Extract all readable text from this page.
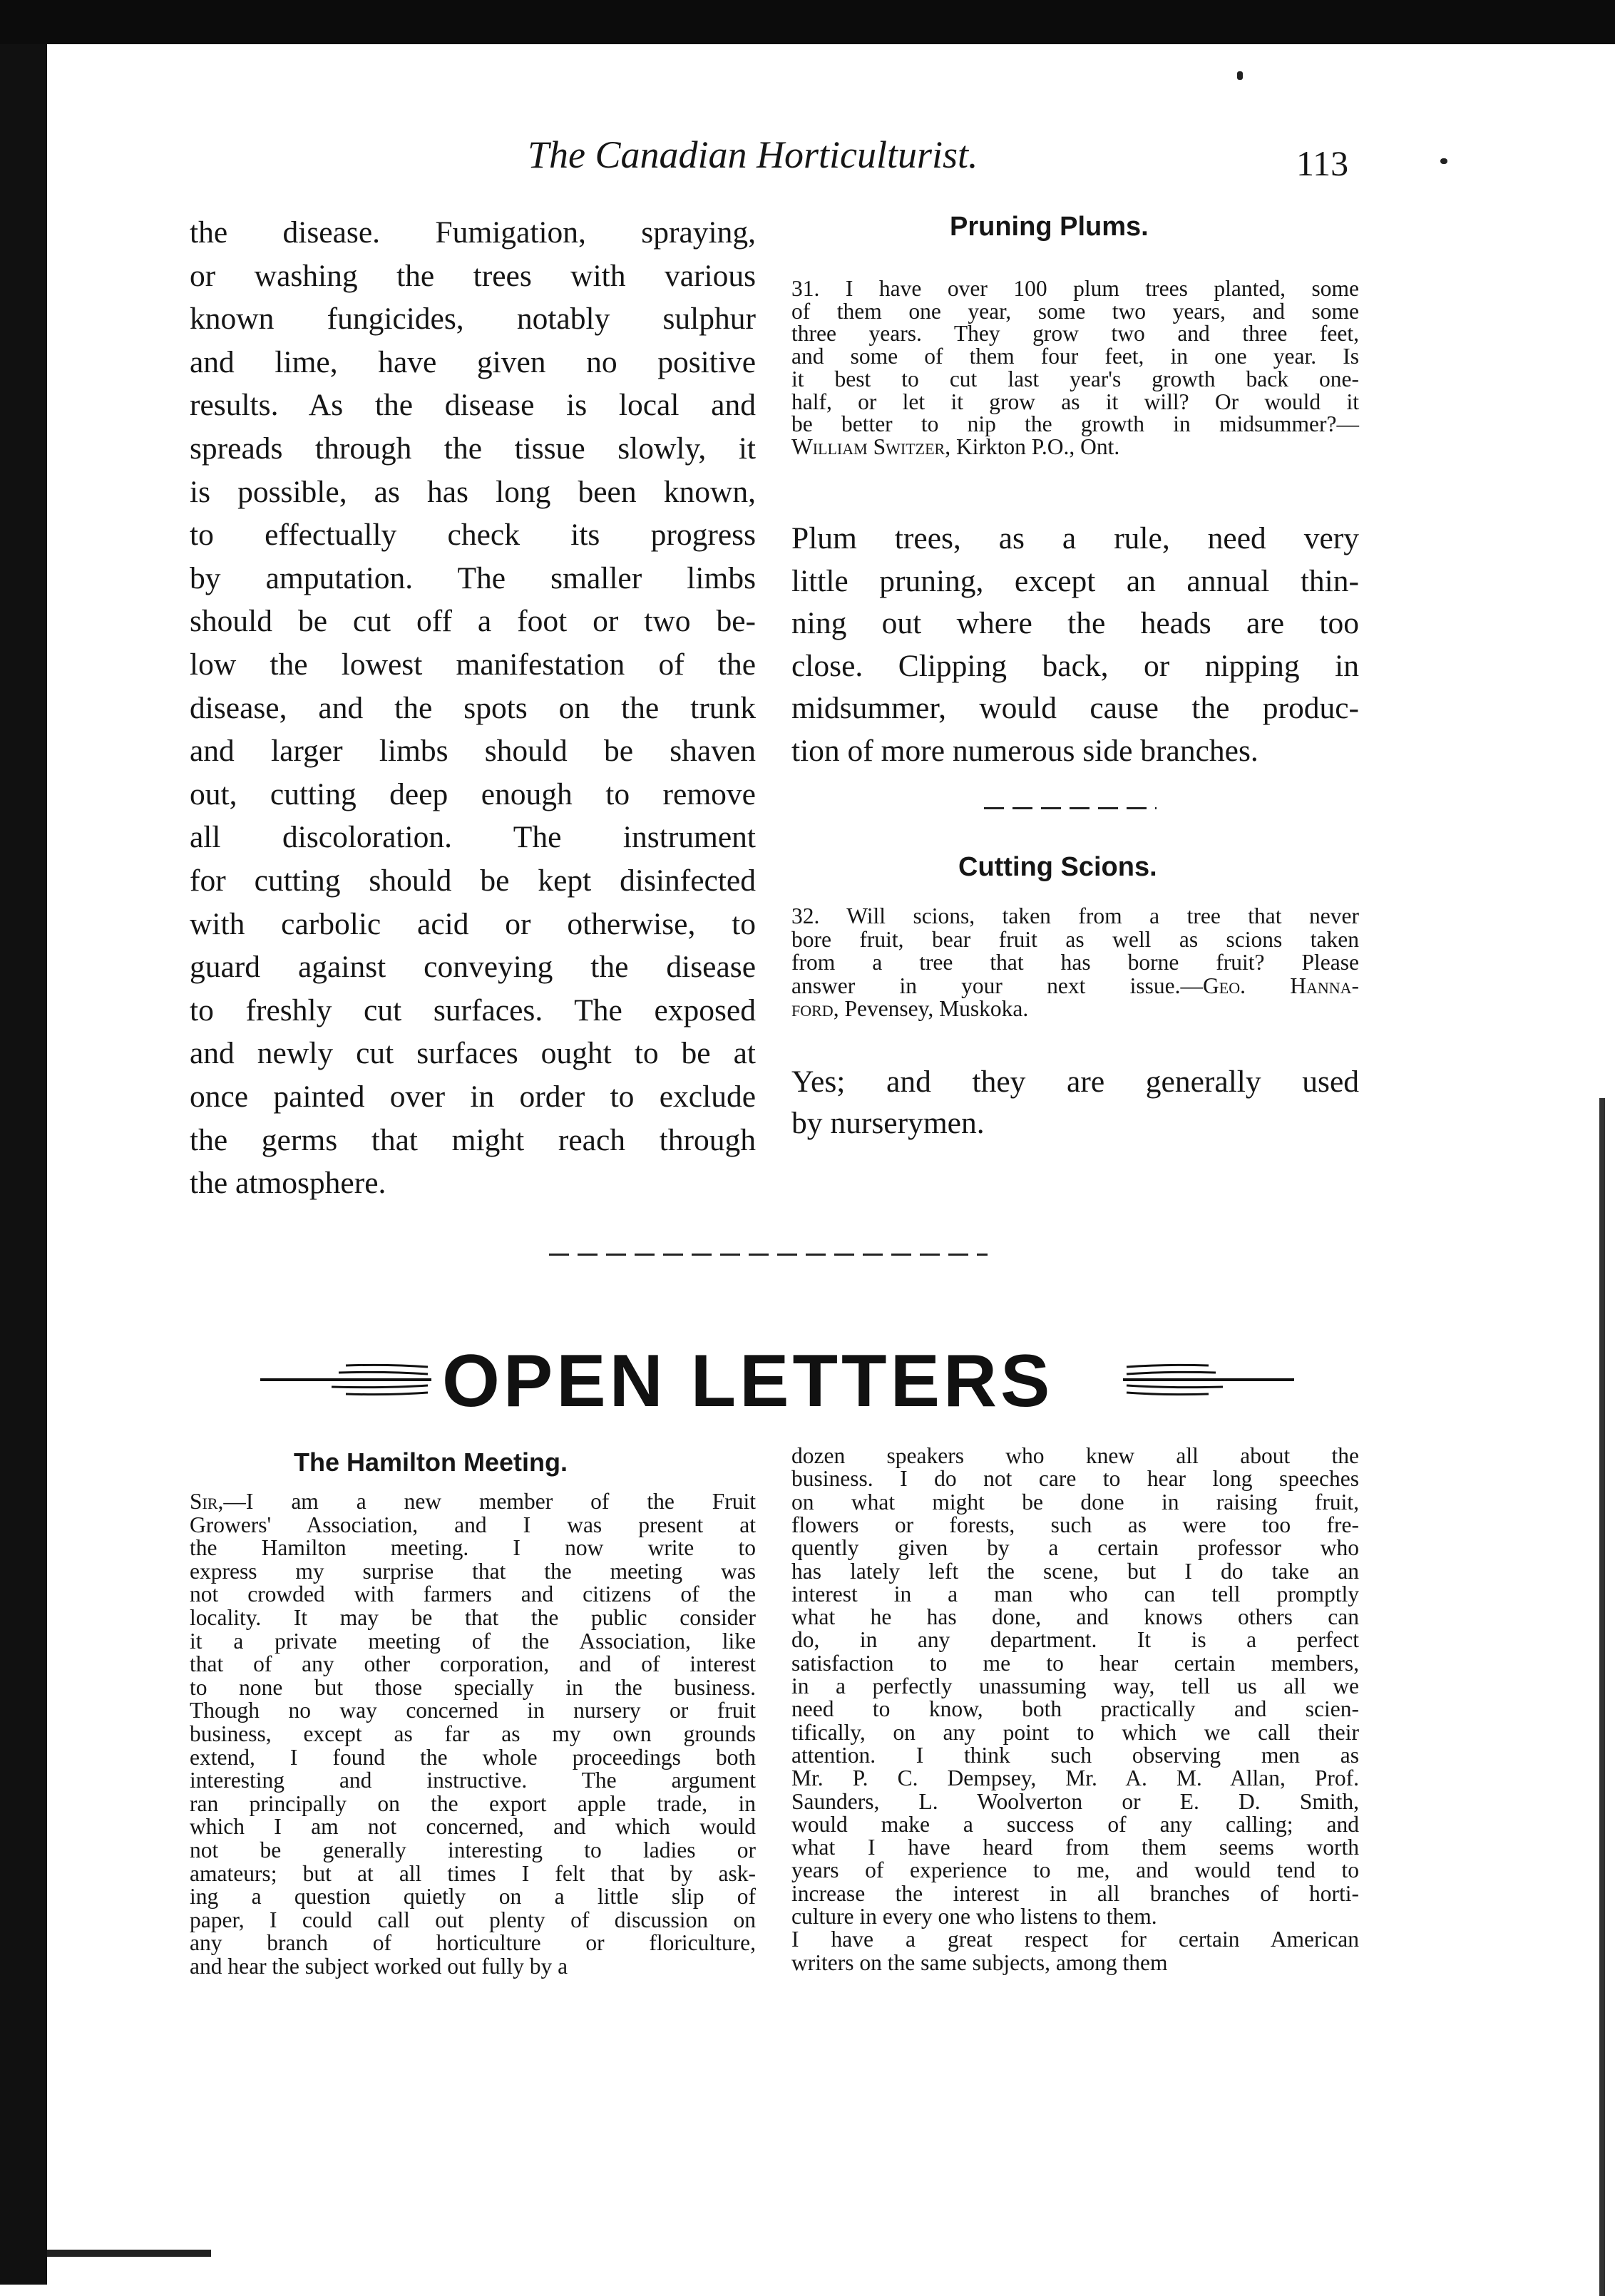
The Canadian Horticulturist.	113
the disease. Fumigation, spraying,
or washing the trees with various
known fungicides, notably sulphur
and lime, have given no positive
results. As the disease is local and
spreads through the tissue slowly, it
is possible, as has long been known,
to effectually check its progress
by amputation. The smaller limbs
should be cut off a foot or two be-
low the lowest manifestation of the
disease, and the spots on the trunk
and larger limbs should be shaven
out, cutting deep enough to remove
all discoloration. The instrument
for cutting should be kept disinfected
with carbolic acid or otherwise, to
guard against conveying the disease
to freshly cut surfaces. The exposed
and newly cut surfaces ought to be at
once painted over in order to exclude
the germs that might reach through
the atmosphere.
Pruning Plums.
31. I have over 100 plum trees planted, some
of them one year, some two years, and some
three years. They grow two and three feet,
and some of them four feet, in one year. Is
it best to cut last year's growth back one-
half, or let it grow as it will? Or would it
be better to nip the growth in midsummer?—
William Switzer, Kirkton P.O., Ont.
Plum trees, as a rule, need very
little pruning, except an annual thin-
ning out where the heads are too
close. Clipping back, or nipping in
midsummer, would cause the produc-
tion of more numerous side branches.
Cutting Scions.
32. Will scions, taken from a tree that never
bore fruit, bear fruit as well as scions taken
from a tree that has borne fruit? Please
answer in your next issue.—Geo. Hanna-
ford, Pevensey, Muskoka.
Yes; and they are generally used
by nurserymen.
OPEN LETTERS
The Hamilton Meeting.
Sir,—I am a new member of the Fruit
Growers' Association, and I was present at
the Hamilton meeting. I now write to
express my surprise that the meeting was
not crowded with farmers and citizens of the
locality. It may be that the public consider
it a private meeting of the Association, like
that of any other corporation, and of interest
to none but those specially in the business.
Though no way concerned in nursery or fruit
business, except as far as my own grounds
extend, I found the whole proceedings both
interesting and instructive. The argument
ran principally on the export apple trade, in
which I am not concerned, and which would
not be generally interesting to ladies or
amateurs; but at all times I felt that by ask-
ing a question quietly on a little slip of
paper, I could call out plenty of discussion on
any branch of horticulture or floriculture,
and hear the subject worked out fully by a
dozen speakers who knew all about the
business. I do not care to hear long speeches
on what might be done in raising fruit,
flowers or forests, such as were too fre-
quently given by a certain professor who
has lately left the scene, but I do take an
interest in a man who can tell promptly
what he has done, and knows others can
do, in any department. It is a perfect
satisfaction to me to hear certain members,
in a perfectly unassuming way, tell us all we
need to know, both practically and scien-
tifically, on any point to which we call their
attention. I think such observing men as
Mr. P. C. Dempsey, Mr. A. M. Allan, Prof.
Saunders, L. Woolverton or E. D. Smith,
would make a success of any calling; and
what I have heard from them seems worth
years of experience to me, and would tend to
increase the interest in all branches of horti-
culture in every one who listens to them.
I have a great respect for certain American
writers on the same subjects, among them
